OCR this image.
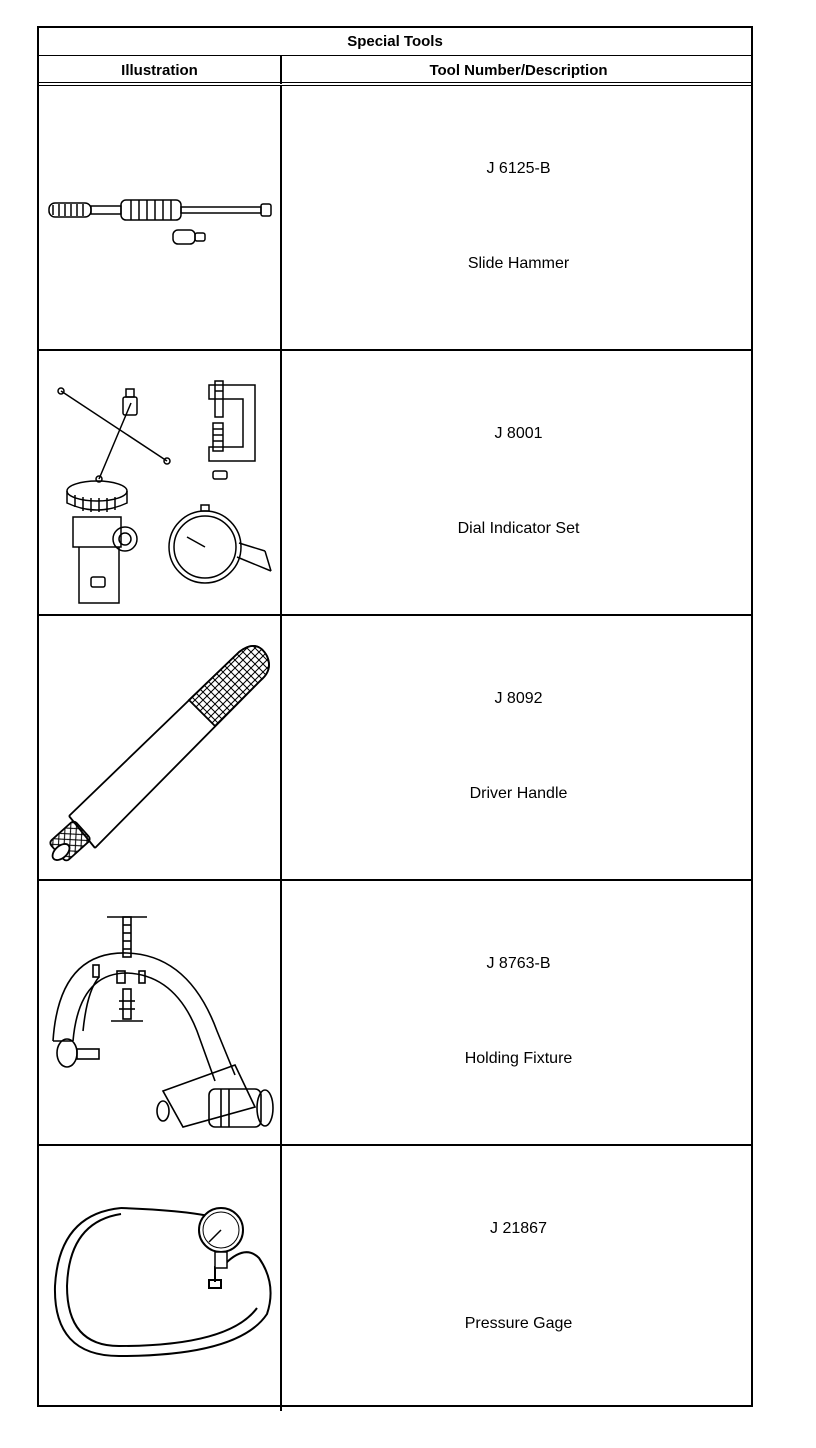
Special Tools
Illustration	Tool Number/Description
J 6125-B
Slide Hammer
J 8001
Dial Indicator Set
J 8092
Driver Handle
J 8763-B
Holding Fixture
J 21867
Pressure Gage
